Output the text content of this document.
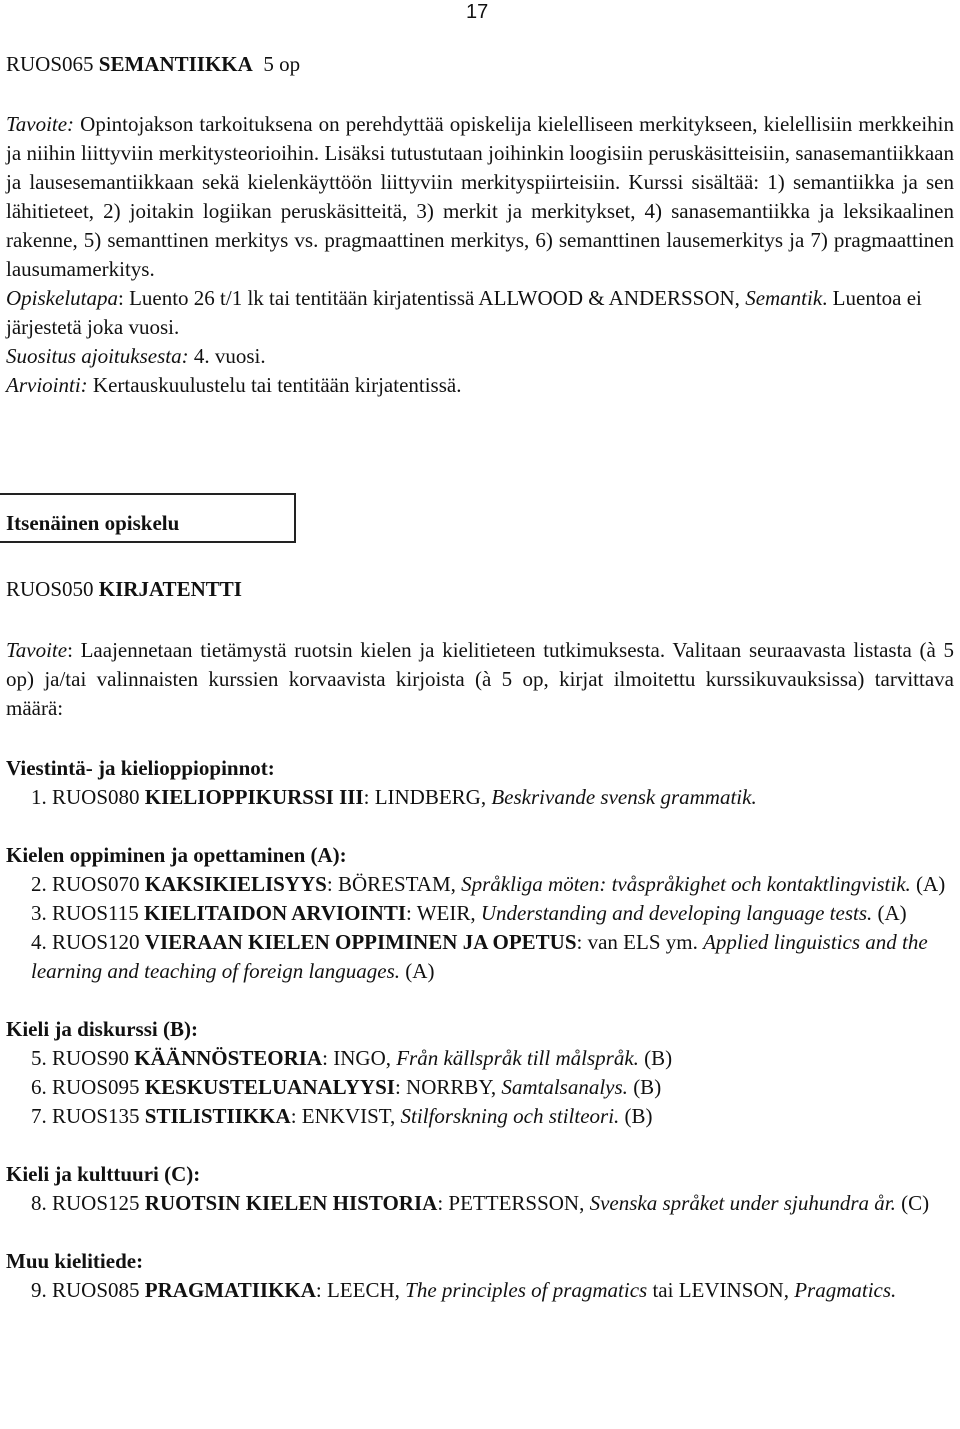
17

RUOS065 SEMANTIIKKA 5 op

Tavoite: Opintojakson tarkoituksena on perehdyttää opiskelija kielelliseen merkitykseen, kielellisiin merkkeihin ja niihin liittyviin merkitysteorioihin. Lisäksi tutustutaan joihinkin loogisiin peruskäsitteisiin, sanasemantiikkaan ja lausesemantiikkaan sekä kielenkäyttöön liittyviin merkityspiirteisiin. Kurssi sisältää: 1) semantiikka ja sen lähitieteet, 2) joitakin logiikan peruskäsitteitä, 3) merkit ja merkitykset, 4) sanasemantiikka ja leksikaalinen rakenne, 5) semanttinen merkitys vs. pragmaattinen merkitys, 6) semanttinen lausemerkitys ja 7) pragmaattinen lausumamerkitys.

Opiskelutapa: Luento 26 t/1 lk tai tentitään kirjatentissä ALLWOOD & ANDERSSON, Semantik. Luentoa ei järjestetä joka vuosi.

Suositus ajoituksesta: 4. vuosi.

Arviointi: Kertauskuulustelu tai tentitään kirjatentissä.

Itsenäinen opiskelu

RUOS050 KIRJATENTTI

Tavoite: Laajennetaan tietämystä ruotsin kielen ja kielitieteen tutkimuksesta. Valitaan seuraavasta listasta (à 5 op) ja/tai valinnaisten kurssien korvaavista kirjoista (à 5 op, kirjat ilmoitettu kurssikuvauksissa) tarvittava määrä:

Viestintä- ja kielioppiopinnot:

1. RUOS080 KIELIOPPIKURSSI III: LINDBERG, Beskrivande svensk grammatik.

Kielen oppiminen ja opettaminen (A):

2. RUOS070 KAKSIKIELISYYS: BÖRESTAM, Språkliga möten: tvåspråkighet och kontaktlingvistik. (A)

3. RUOS115 KIELITAIDON ARVIOINTI: WEIR, Understanding and developing language tests. (A)

4. RUOS120 VIERAAN KIELEN OPPIMINEN JA OPETUS: van ELS ym. Applied linguistics and the learning and teaching of foreign languages. (A)

Kieli ja diskurssi (B):

5. RUOS90 KÄÄNNÖSTEORIA: INGO, Från källspråk till målspråk. (B)

6. RUOS095 KESKUSTELUANALYYSI: NORRBY, Samtalsanalys. (B)

7. RUOS135 STILISTIIKKA: ENKVIST, Stilforskning och stilteori. (B)

Kieli ja kulttuuri (C):

8. RUOS125 RUOTSIN KIELEN HISTORIA: PETTERSSON, Svenska språket under sjuhundra år. (C)

Muu kielitiede:

9. RUOS085 PRAGMATIIKKA: LEECH, The principles of pragmatics tai LEVINSON, Pragmatics.
